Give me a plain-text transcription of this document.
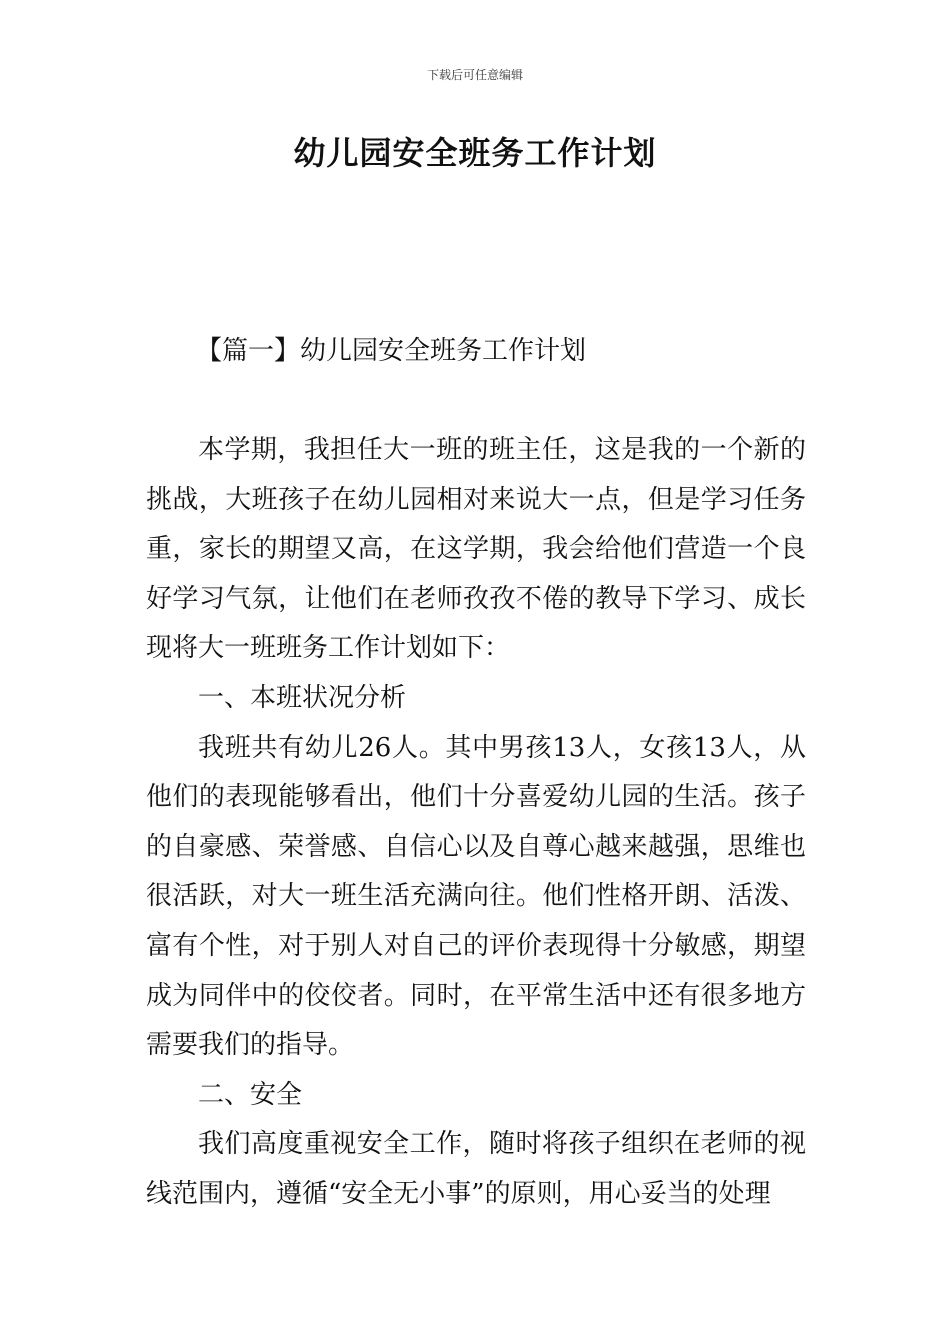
下载后可任意编辑
幼儿园安全班务工作计划
【篇一】幼儿园安全班务工作计划

本学期，我担任大一班的班主任，这是我的一个新的挑战，大班孩子在幼儿园相对来说大一点，但是学习任务重，家长的期望又高，在这学期，我会给他们营造一个良好学习气氛，让他们在老师孜孜不倦的教导下学习、成长现将大一班班务工作计划如下：

一、本班状况分析

我班共有幼儿26人。其中男孩13人，女孩13人，从他们的表现能够看出，他们十分喜爱幼儿园的生活。孩子的自豪感、荣誉感、自信心以及自尊心越来越强，思维也很活跃，对大一班生活充满向往。他们性格开朗、活泼、富有个性，对于别人对自己的评价表现得十分敏感，期望成为同伴中的佼佼者。同时，在平常生活中还有很多地方需要我们的指导。

二、安全

我们高度重视安全工作，随时将孩子组织在老师的视线范围内，遵循“安全无小事”的原则，用心妥当的处理
